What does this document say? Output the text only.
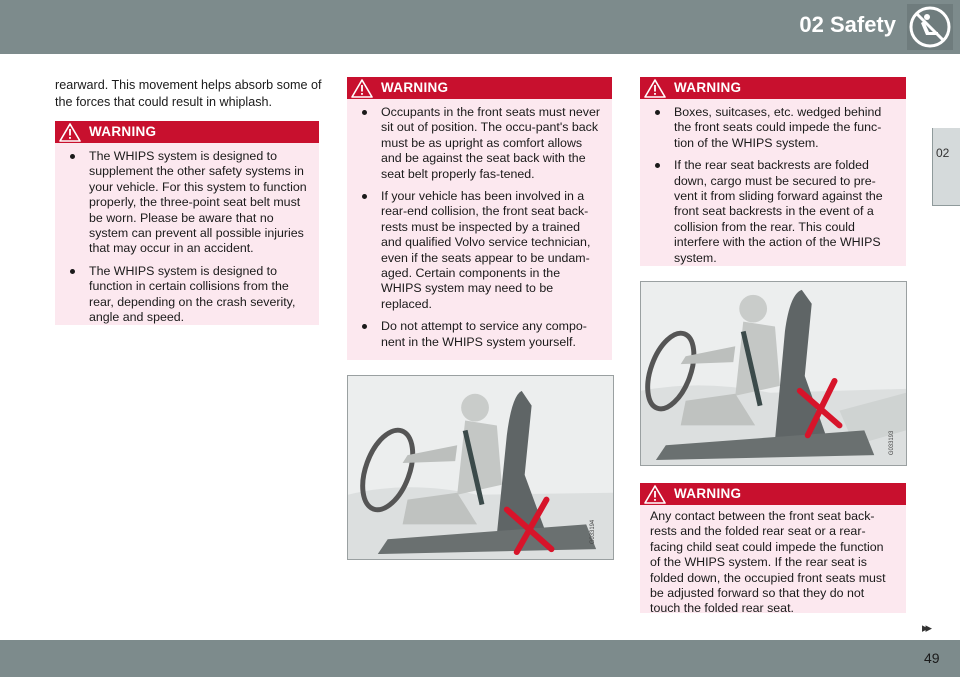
02 Safety
02
rearward. This movement helps absorb some of the forces that could result in whiplash.
WARNING
The WHIPS system is designed to supplement the other safety systems in your vehicle. For this system to function properly, the three-point seat belt must be worn. Please be aware that no system can prevent all possible injuries that may occur in an accident.
The WHIPS system is designed to function in certain collisions from the rear, depending on the crash severity, angle and speed.
WARNING
Occupants in the front seats must never sit out of position. The occu-pant's back must be as upright as comfort allows and be against the seat back with the seat belt properly fas-tened.
If your vehicle has been involved in a rear-end collision, the front seat back-rests must be inspected by a trained and qualified Volvo service technician, even if the seats appear to be undam-aged. Certain components in the WHIPS system may need to be replaced.
Do not attempt to service any compo-nent in the WHIPS system yourself.
G033194
WARNING
Boxes, suitcases, etc. wedged behind the front seats could impede the func-tion of the WHIPS system.
If the rear seat backrests are folded down, cargo must be secured to pre-vent it from sliding forward against the front seat backrests in the event of a collision from the rear. This could interfere with the action of the WHIPS system.
G033193
WARNING

Any contact between the front seat back-rests and the folded rear seat or a rear-facing child seat could impede the function of the WHIPS system. If the rear seat is folded down, the occupied front seats must be adjusted forward so that they do not touch the folded rear seat.

▸▸
49
